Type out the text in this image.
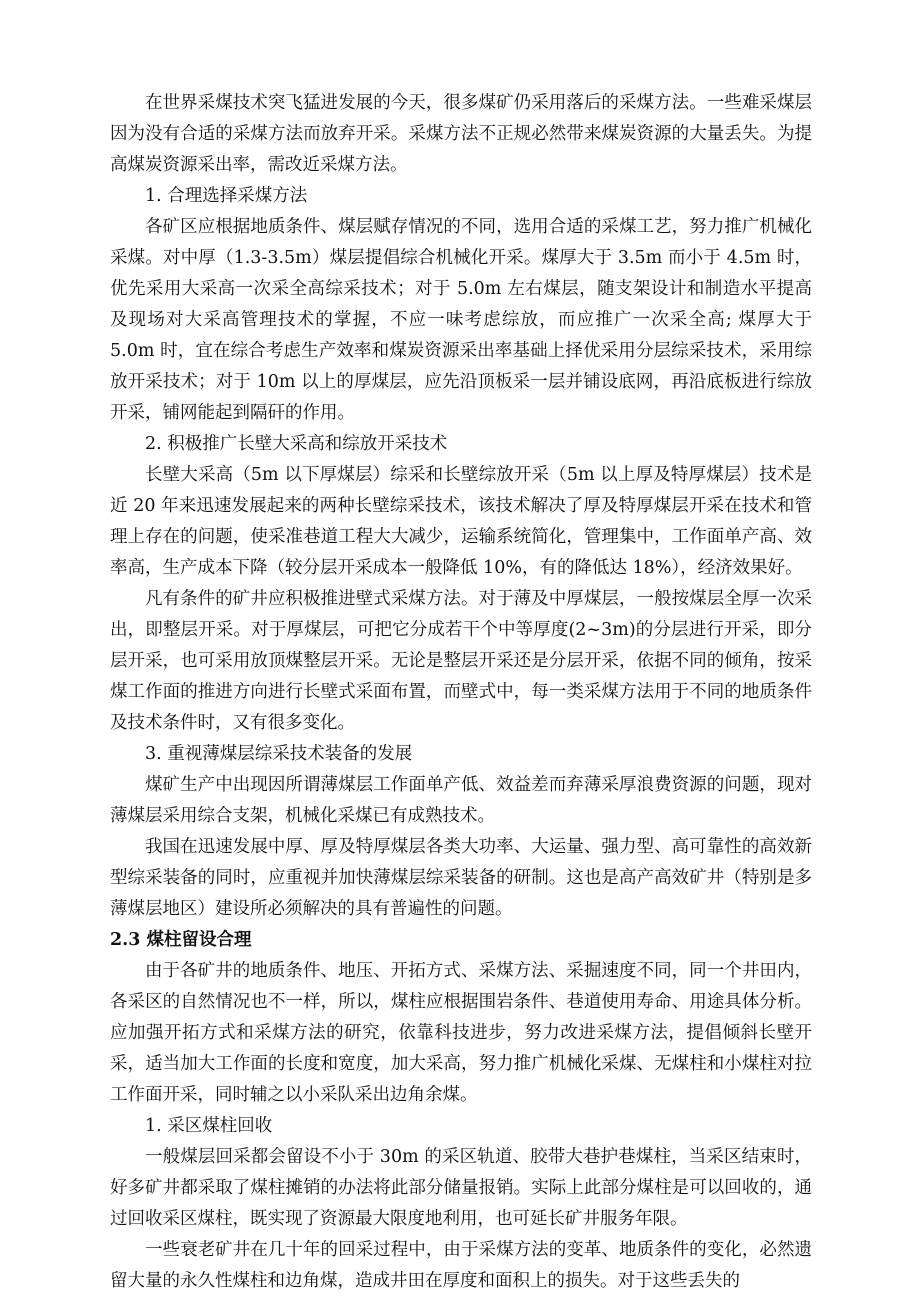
在世界采煤技术突飞猛进发展的今天，很多煤矿仍采用落后的采煤方法。一些难采煤层因为没有合适的采煤方法而放弃开采。采煤方法不正规必然带来煤炭资源的大量丢失。为提高煤炭资源采出率，需改近采煤方法。

1. 合理选择采煤方法

各矿区应根据地质条件、煤层赋存情况的不同，选用合适的采煤工艺，努力推广机械化采煤。对中厚（1.3-3.5m）煤层提倡综合机械化开采。煤厚大于 3.5m 而小于 4.5m 时，优先采用大采高一次采全高综采技术；对于 5.0m 左右煤层，随支架设计和制造水平提高及现场对大采高管理技术的掌握，不应一味考虑综放，而应推广一次采全高; 煤厚大于 5.0m 时，宜在综合考虑生产效率和煤炭资源采出率基础上择优采用分层综采技术，采用综放开采技术；对于 10m 以上的厚煤层，应先沿顶板采一层并铺设底网，再沿底板进行综放开采，铺网能起到隔矸的作用。

2. 积极推广长壁大采高和综放开采技术

长壁大采高（5m 以下厚煤层）综采和长壁综放开采（5m 以上厚及特厚煤层）技术是近 20 年来迅速发展起来的两种长壁综采技术，该技术解决了厚及特厚煤层开采在技术和管理上存在的问题，使采准巷道工程大大减少，运输系统简化，管理集中，工作面单产高、效率高，生产成本下降（较分层开采成本一般降低 10%，有的降低达 18%），经济效果好。

凡有条件的矿井应积极推进壁式采煤方法。对于薄及中厚煤层，一般按煤层全厚一次采出，即整层开采。对于厚煤层，可把它分成若干个中等厚度(2~3m)的分层进行开采，即分层开采，也可采用放顶煤整层开采。无论是整层开采还是分层开采，依据不同的倾角，按采煤工作面的推进方向进行长壁式采面布置，而壁式中，每一类采煤方法用于不同的地质条件及技术条件时，又有很多变化。

3. 重视薄煤层综采技术装备的发展

煤矿生产中出现因所谓薄煤层工作面单产低、效益差而弃薄采厚浪费资源的问题，现对薄煤层采用综合支架，机械化采煤已有成熟技术。

我国在迅速发展中厚、厚及特厚煤层各类大功率、大运量、强力型、高可靠性的高效新型综采装备的同时，应重视并加快薄煤层综采装备的研制。这也是高产高效矿井（特别是多薄煤层地区）建设所必须解决的具有普遍性的问题。

2.3 煤柱留设合理

由于各矿井的地质条件、地压、开拓方式、采煤方法、采掘速度不同，同一个井田内，各采区的自然情况也不一样，所以，煤柱应根据围岩条件、巷道使用寿命、用途具体分析。应加强开拓方式和采煤方法的研究，依靠科技进步，努力改进采煤方法，提倡倾斜长壁开采，适当加大工作面的长度和宽度，加大采高，努力推广机械化采煤、无煤柱和小煤柱对拉工作面开采，同时辅之以小采队采出边角余煤。

1. 采区煤柱回收

一般煤层回采都会留设不小于 30m 的采区轨道、胶带大巷护巷煤柱，当采区结束时，好多矿井都采取了煤柱摊销的办法将此部分储量报销。实际上此部分煤柱是可以回收的，通过回收采区煤柱，既实现了资源最大限度地利用，也可延长矿井服务年限。

一些衰老矿井在几十年的回采过程中，由于采煤方法的变革、地质条件的变化，必然遗留大量的永久性煤柱和边角煤，造成井田在厚度和面积上的损失。对于这些丢失的
